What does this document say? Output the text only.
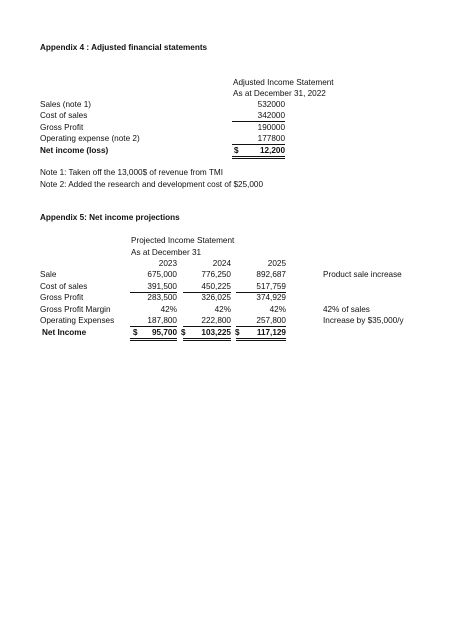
Appendix 4 : Adjusted financial statements
Adjusted Income Statement
As at December 31, 2022
Sales (note 1)	532000
Cost of sales	342000
Gross Profit	190000
Operating expense (note 2)	177800
Net income (loss)	$	12,200
Note 1: Taken off the 13,000$ of revenue from TMI
Note 2: Added the research and development cost of $25,000
Appendix 5: Net income projections
Projected Income Statement
As at December 31
2023	2024	2025
Sale	675,000	776,250	892,687	Product sale increase
Cost of sales	391,500	450,225	517,759
Gross Profit	283,500	326,025	374,929
Gross Profit Margin	42%	42%	42%	42% of sales
Operating Expenses	187,800	222,800	257,800	Increase by $35,000/y
Net Income	$	95,700 $	103,225 $	117,129
